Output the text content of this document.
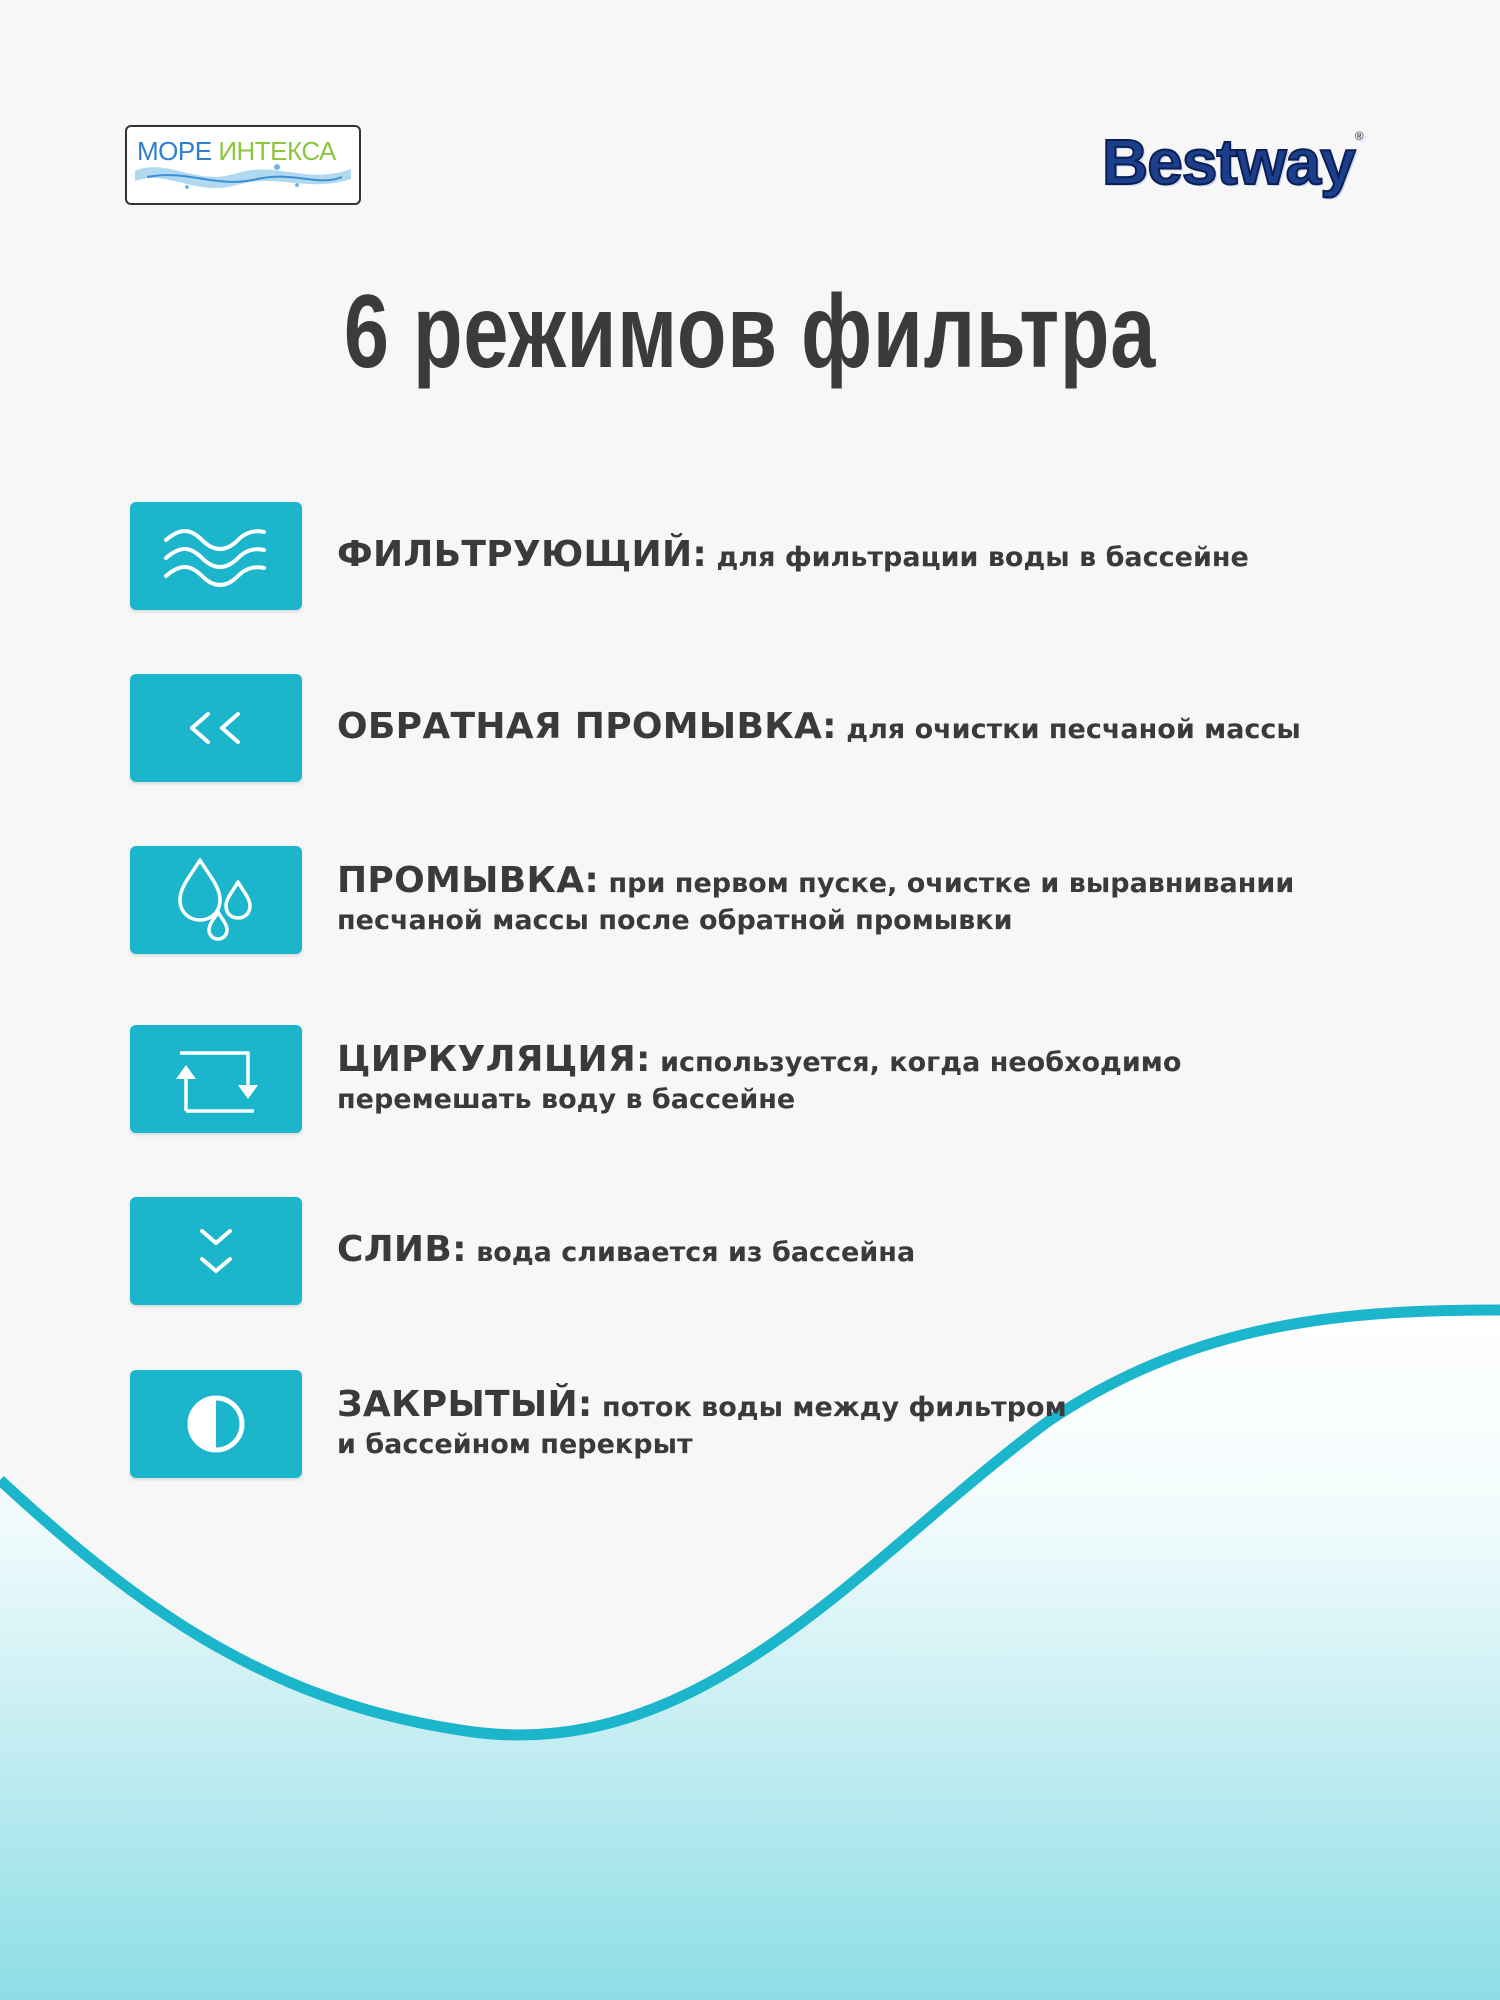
МОРЕ ИНТЕКСА	Bestway®
6 режимов фильтра
ФИЛЬТРУЮЩИЙ: для фильтрации воды в бассейне
ОБРАТНАЯ ПРОМЫВКА: для очистки песчаной массы
ПРОМЫВКА: при первом пуске, очистке и выравнивании
песчаной массы после обратной промывки
ЦИРКУЛЯЦИЯ: используется, когда необходимо
перемешать воду в бассейне
СЛИВ: вода сливается из бассейна
ЗАКРЫТЫЙ: поток воды между фильтром
и бассейном перекрыт
